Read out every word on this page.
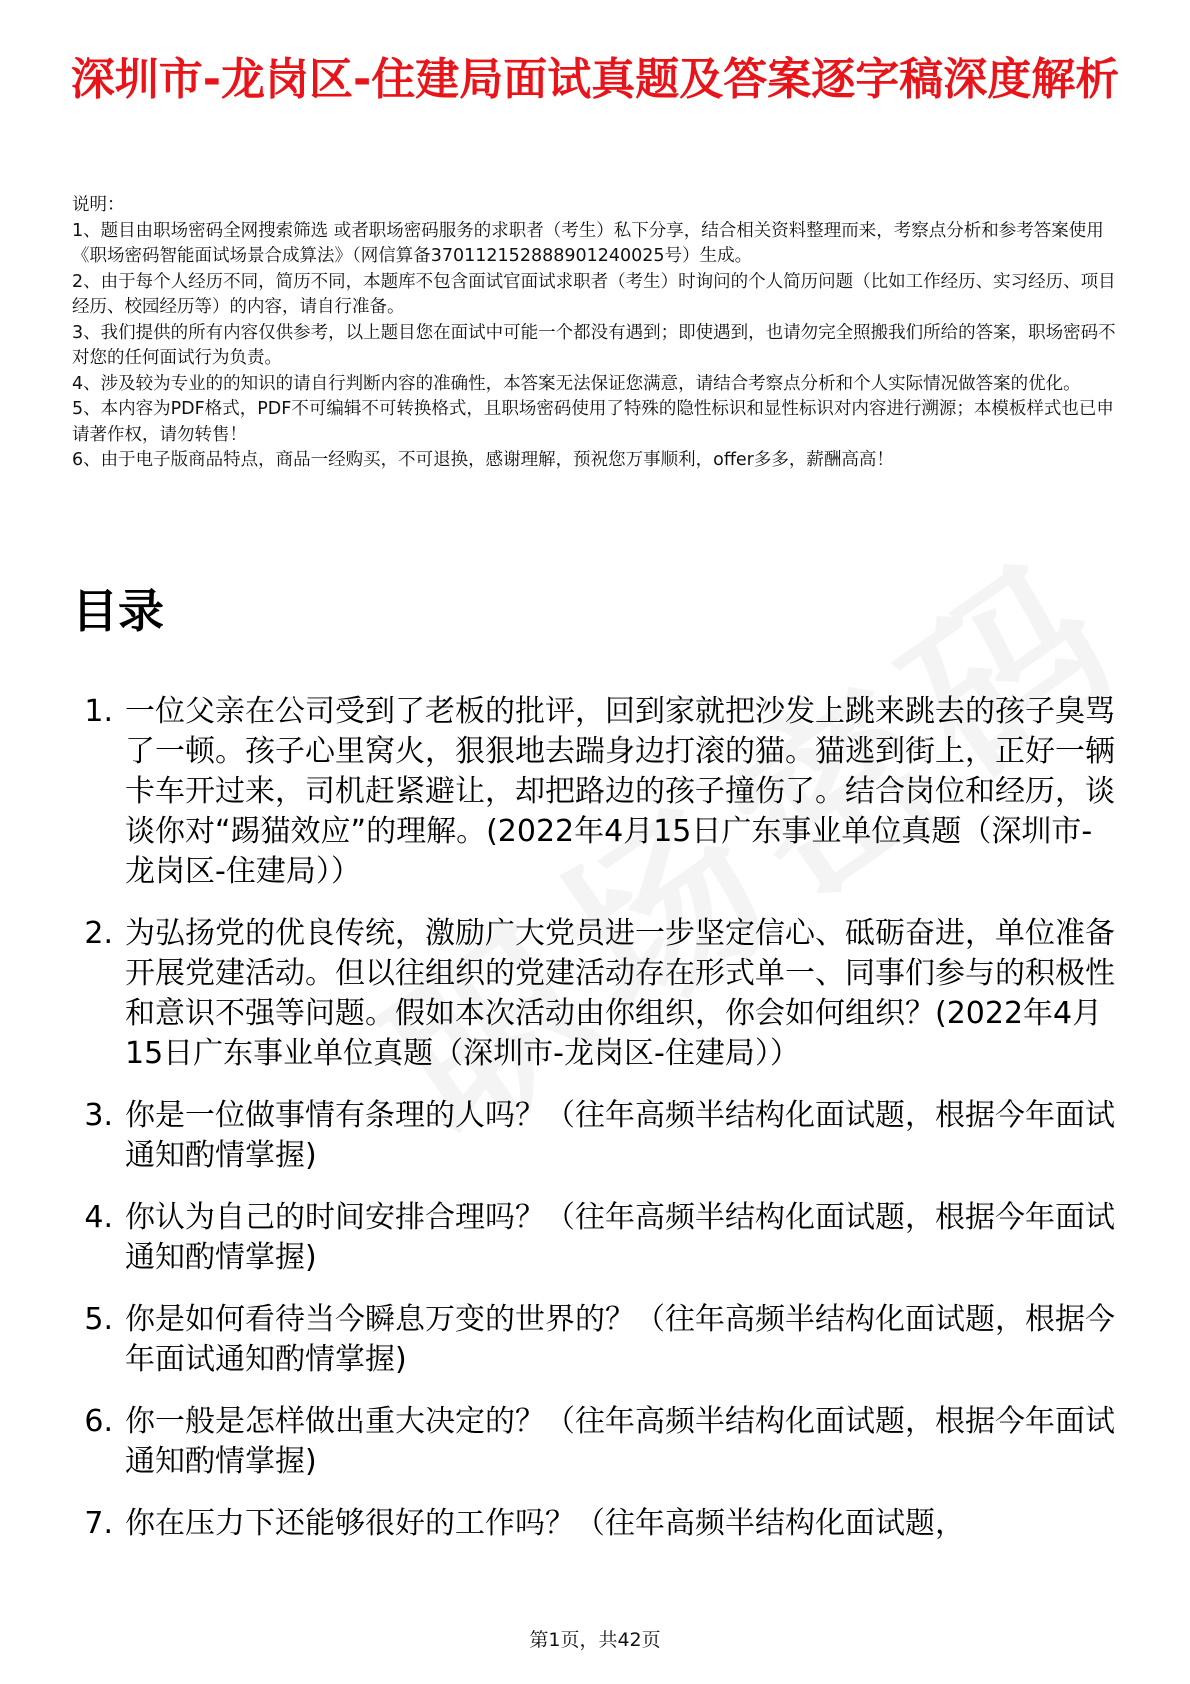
深圳市-龙岗区-住建局面试真题及答案逐字稿深度解析

说明：

1、题目由职场密码全网搜索筛选 或者职场密码服务的求职者（考生）私下分享，结合相关资料整理而来，考察点分析和参考答案使用《职场密码智能面试场景合成算法》（网信算备370112152888901240025号）生成。

2、由于每个人经历不同，简历不同，本题库不包含面试官面试求职者（考生）时询问的个人简历问题（比如工作经历、实习经历、项目经历、校园经历等）的内容，请自行准备。

3、我们提供的所有内容仅供参考，以上题目您在面试中可能一个都没有遇到；即使遇到，也请勿完全照搬我们所给的答案，职场密码不对您的任何面试行为负责。

4、涉及较为专业的的知识的请自行判断内容的准确性，本答案无法保证您满意，请结合考察点分析和个人实际情况做答案的优化。

5、本内容为PDF格式，PDF不可编辑不可转换格式，且职场密码使用了特殊的隐性标识和显性标识对内容进行溯源；本模板样式也已申请著作权，请勿转售！

6、由于电子版商品特点，商品一经购买，不可退换，感谢理解，预祝您万事顺利，offer多多，薪酬高高！

目录
1. 一位父亲在公司受到了老板的批评，回到家就把沙发上跳来跳去的孩子臭骂了一顿。孩子心里窝火，狠狠地去踹身边打滚的猫。猫逃到街上，正好一辆卡车开过来，司机赶紧避让，却把路边的孩子撞伤了。结合岗位和经历，谈谈你对“踢猫效应”的理解。(2022年4月15日广东事业单位真题（深圳市-龙岗区-住建局））
2. 为弘扬党的优良传统，激励广大党员进一步坚定信心、砥砺奋进，单位准备开展党建活动。但以往组织的党建活动存在形式单一、同事们参与的积极性和意识不强等问题。假如本次活动由你组织，你会如何组织？(2022年4月15日广东事业单位真题（深圳市-龙岗区-住建局））
3. 你是一位做事情有条理的人吗？（往年高频半结构化面试题，根据今年面试通知酌情掌握)
4. 你认为自己的时间安排合理吗？（往年高频半结构化面试题，根据今年面试通知酌情掌握)
5. 你是如何看待当今瞬息万变的世界的？（往年高频半结构化面试题，根据今年面试通知酌情掌握)
6. 你一般是怎样做出重大决定的？（往年高频半结构化面试题，根据今年面试通知酌情掌握)
7. 你在压力下还能够很好的工作吗？（往年高频半结构化面试题，
第1页，共42页
